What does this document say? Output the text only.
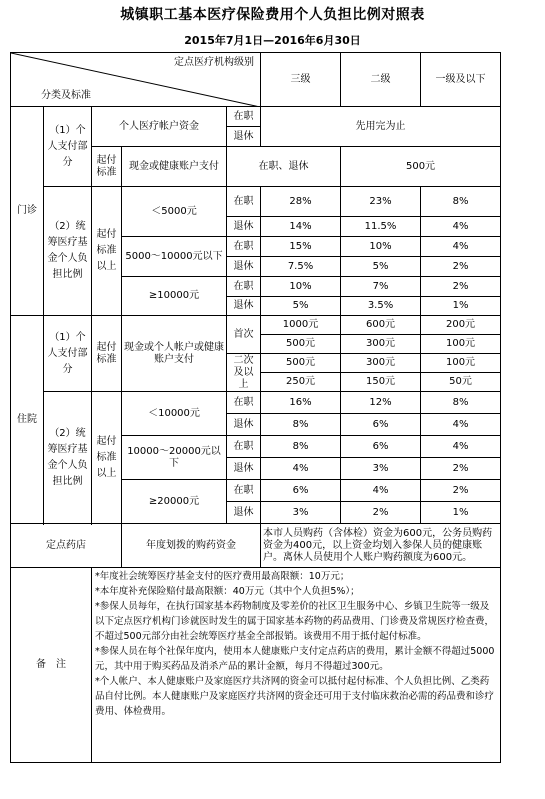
城镇职工基本医疗保险费用个人负担比例对照表
2015年7月1日—2016年6月30日
定点医疗机构级别
分类及标准					三级	二级	一级及以下	
门诊	（1）个人支付部分	个人医疗帐户资金		在职	先用完为止			
				退休				
		起付标准	现金或健康账户支付	在职、退休		500元		

	（2）统筹医疗基金个人负担比例	起付标准以上	＜5000元	在职	28%	23%	8%	

				退休	14%	11.5%	4%	

			5000～10000元以下	在职	15%	10%	4%	
				退休	7.5%	5%	2%	
			≥10000元	在职	10%	7%	2%	
				退休	5%	3.5%	1%	

住院	（1）个人支付部分	起付标准	现金或个人帐户或健康账户支付	首次	1000元	600元	200元	
					500元	300元	100元	
				二次及以上	500元	300元	100元	
					250元	150元	50元	
	（2）统筹医疗基金个人负担比例	起付标准以上	＜10000元	在职	16%	12%	8%	
				退休	8%	6%	4%	
			10000～20000元以下	在职	8%	6%	4%	
				退休	4%	3%	2%	
			≥20000元	在职	6%	4%	2%	
				退休	3%	2%	1%	

定点药店			年度划拨的购药资金		本市人员购药（含体检）资金为600元，公务员购药资金为400元，以上资金均划入参保人员的健康账户。离休人员使用个人账户购药额度为600元。			
备　注		*年度社会统筹医疗基金支付的医疗费用最高限额：10万元；

*本年度补充保险赔付最高限额：40万元（其中个人负担5%）；

*参保人员每年，在执行国家基本药物制度及零差价的社区卫生服务中心、乡镇卫生院等一级及以下定点医疗机构门诊就医时发生的属于国家基本药物的药品费用、门诊费及常规医疗检查费，不超过500元部分由社会统筹医疗基金全部报销。该费用不用于抵付起付标准。

*参保人员在每个社保年度内，使用本人健康账户支付定点药店的费用，累计金额不得超过5000元，其中用于购买药品及消杀产品的累计金额，每月不得超过300元。

*个人帐户、本人健康账户及家庭医疗共济网的资金可以抵付起付标准、个人负担比例、乙类药品自付比例。本人健康账户及家庭医疗共济网的资金还可用于支付临床救治必需的药品费和诊疗费用、体检费用。						
